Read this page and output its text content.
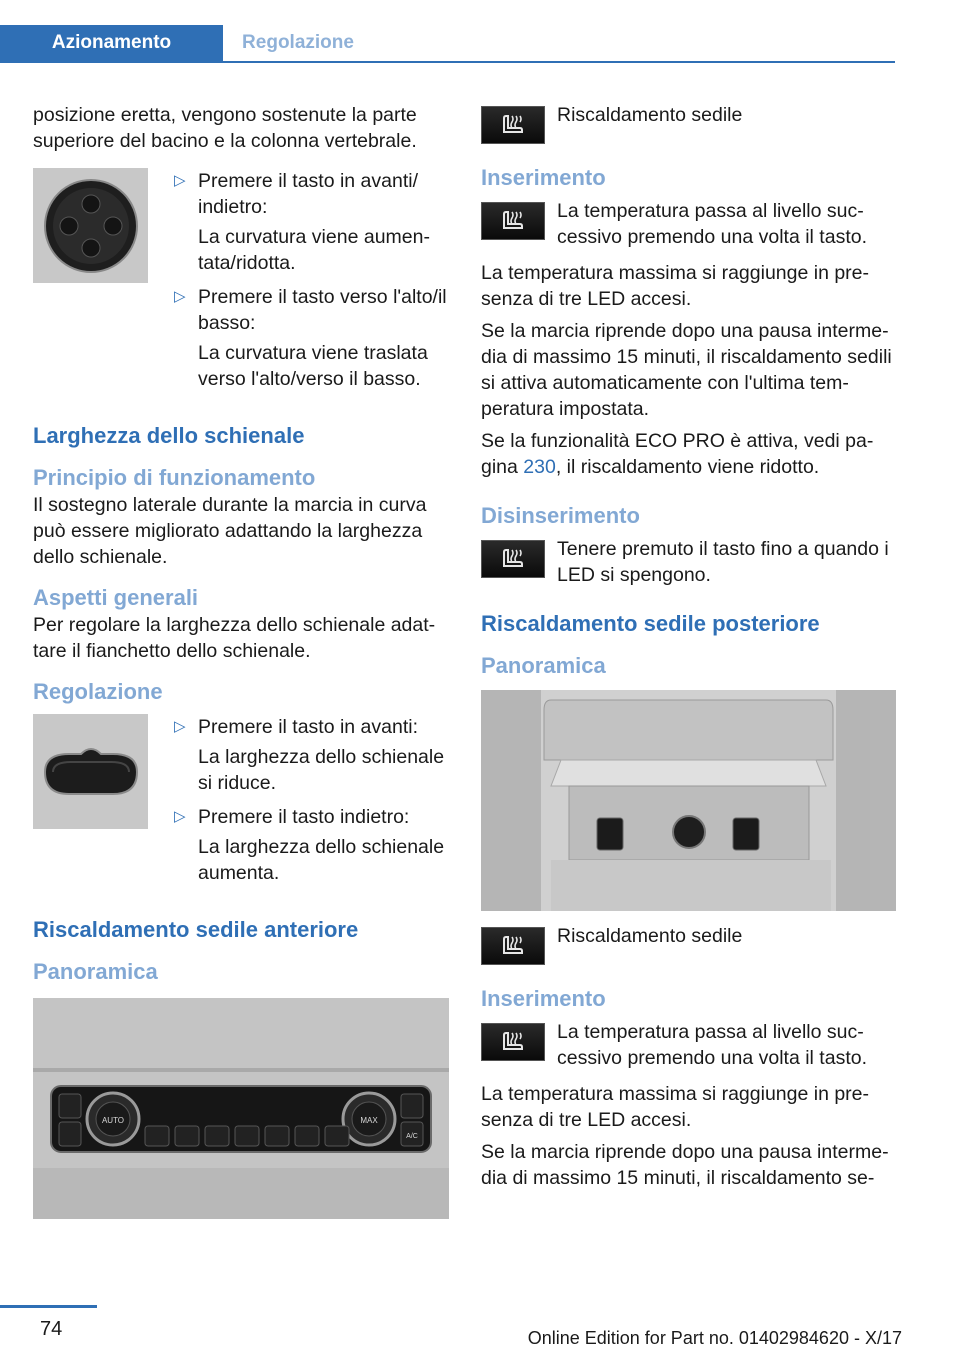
Azionamento	Regolazione

posizione eretta, vengono sostenute la parte superiore del bacino e la colonna vertebrale.

▷ Premere il tasto in avanti/ indietro:

La curvatura viene aumentata/ridotta.

▷ Premere il tasto verso l'alto/il basso:

La curvatura viene traslata verso l'alto/verso il basso.

Larghezza dello schienale
Principio di funzionamento

Il sostegno laterale durante la marcia in curva può essere migliorato adattando la larghezza dello schienale.

Aspetti generali

Per regolare la larghezza dello schienale adattare il fianchetto dello schienale.

Regolazione

▷ Premere il tasto in avanti:

La larghezza dello schienale si riduce.

▷ Premere il tasto indietro:

La larghezza dello schienale aumenta.

Riscaldamento sedile anteriore
Panoramica
AUTO	MAX
A/C

Riscaldamento sedile

Inserimento

La temperatura passa al livello successivo premendo una volta il tasto.

La temperatura massima si raggiunge in presenza di tre LED accesi.

Se la marcia riprende dopo una pausa intermedia di massimo 15 minuti, il riscaldamento sedili si attiva automaticamente con l'ultima temperatura impostata.

Se la funzionalità ECO PRO è attiva, vedi pagina 230, il riscaldamento viene ridotto.

Disinserimento

Tenere premuto il tasto fino a quando i LED si spengono.

Riscaldamento sedile posteriore
Panoramica

Riscaldamento sedile

Inserimento

La temperatura passa al livello successivo premendo una volta il tasto.

La temperatura massima si raggiunge in presenza di tre LED accesi.

Se la marcia riprende dopo una pausa intermedia di massimo 15 minuti, il riscaldamento se-

74	Online Edition for Part no. 01402984620 - X/17
